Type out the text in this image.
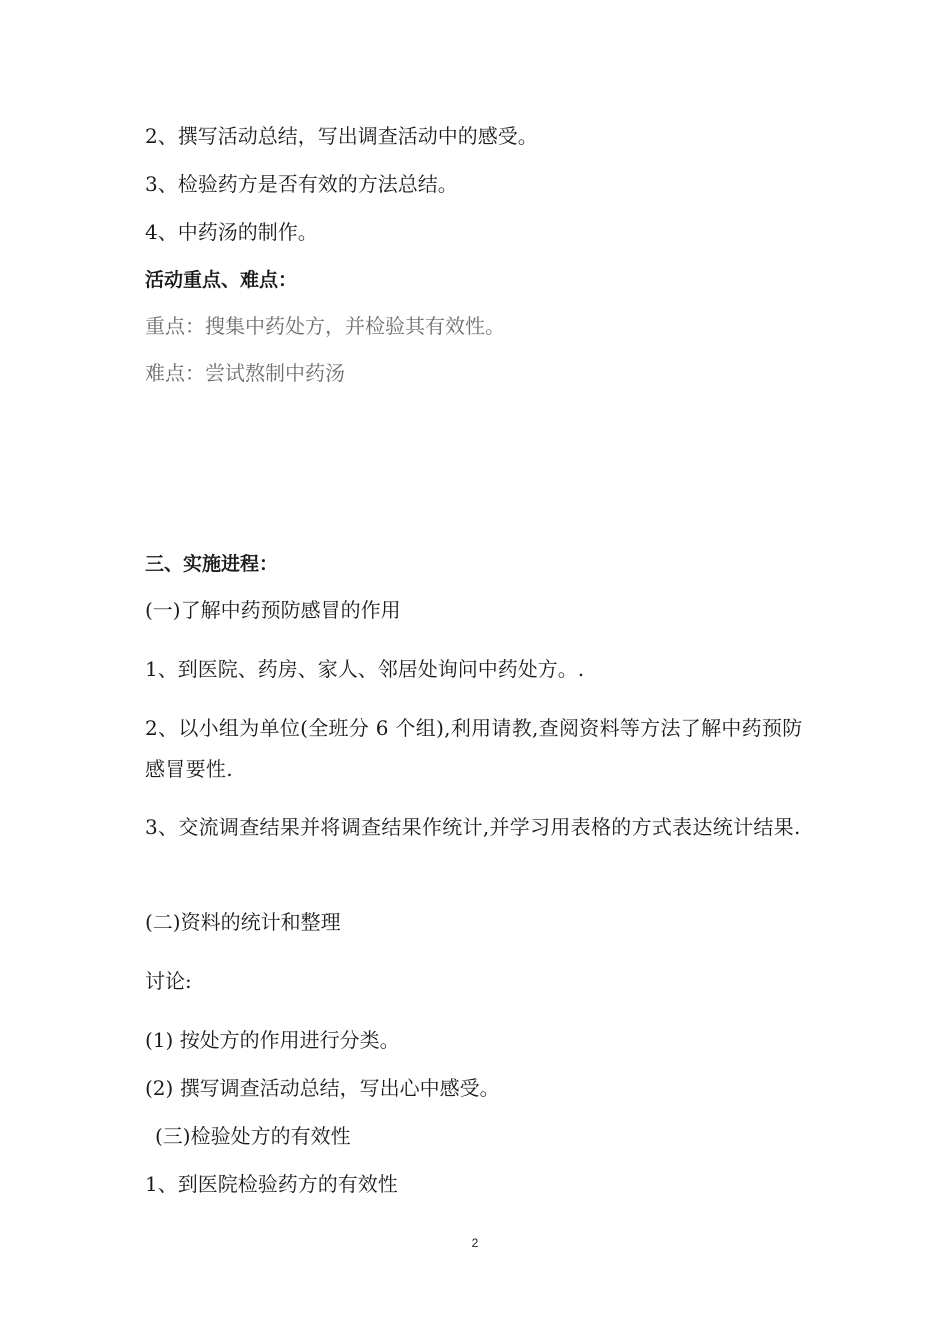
2、撰写活动总结，写出调查活动中的感受。

3、检验药方是否有效的方法总结。

4、中药汤的制作。

活动重点、难点：

重点：搜集中药处方，并检验其有效性。

难点：尝试熬制中药汤

三、实施进程：

(一)了解中药预防感冒的作用

1、到医院、药房、家人、邻居处询问中药处方。.

2、以小组为单位(全班分 6 个组),利用请教,查阅资料等方法了解中药预防感冒要性.

3、交流调查结果并将调查结果作统计,并学习用表格的方式表达统计结果.

(二)资料的统计和整理

讨论:

(1) 按处方的作用进行分类。

(2) 撰写调查活动总结，写出心中感受。

(三)检验处方的有效性

1、到医院检验药方的有效性

2
